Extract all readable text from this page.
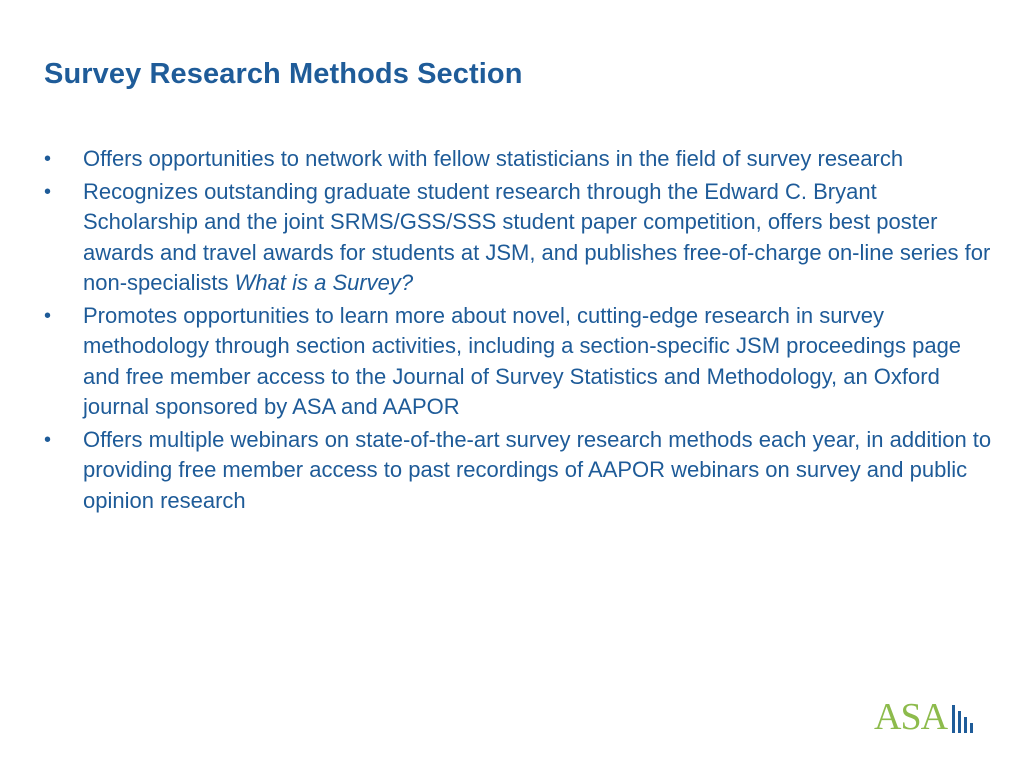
Survey Research Methods Section
•	Offers opportunities to network with fellow statisticians in the field of survey research
•	Recognizes outstanding graduate student research through the Edward C. Bryant Scholarship and the joint SRMS/GSS/SSS student paper competition, offers best poster awards and travel awards for students at JSM, and publishes free-of-charge on-line series for non-specialists What is a Survey?
•	Promotes opportunities to learn more about novel, cutting-edge research in survey methodology through section activities, including a section-specific JSM proceedings page and free member access to the Journal of Survey Statistics and Methodology, an Oxford journal sponsored by ASA and AAPOR
•	Offers multiple webinars on state-of-the-art survey research methods each year, in addition to providing free member access to past recordings of AAPOR webinars on survey and public opinion research
ASA
